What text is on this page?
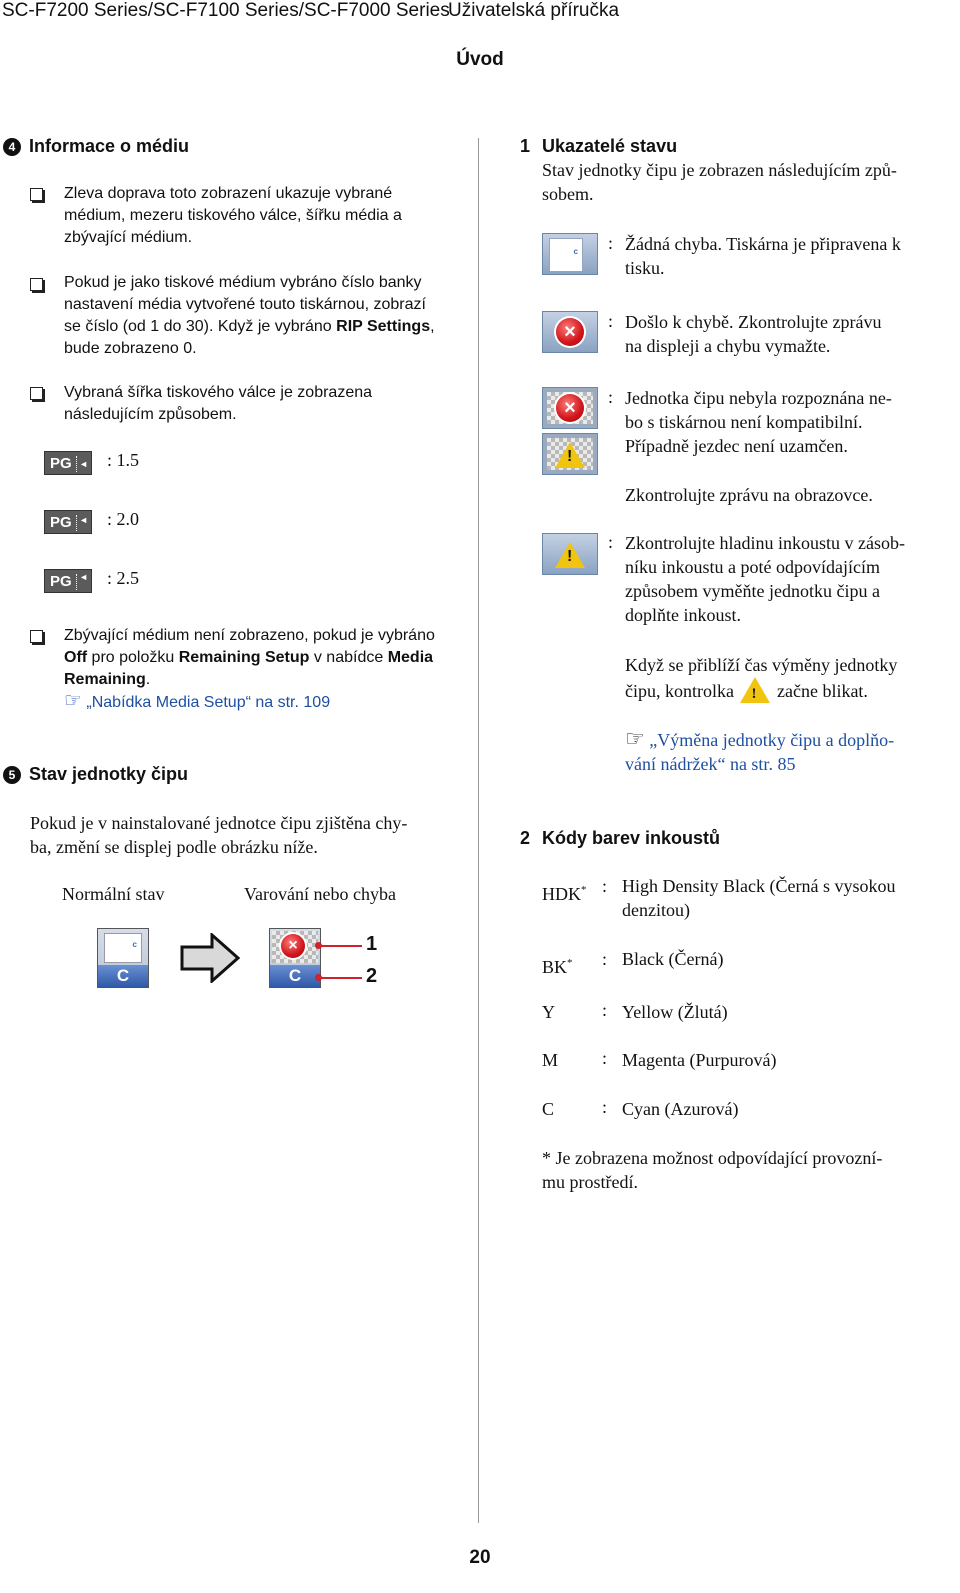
SC-F7200 Series/SC-F7100 Series/SC-F7000 Series
Uživatelská příručka
Úvod
4 Informace o médiu
Zleva doprava toto zobrazení ukazuje vybrané
médium, mezeru tiskového válce, šířku média a
zbývající médium.
Pokud je jako tiskové médium vybráno číslo banky
nastavení média vytvořené touto tiskárnou, zobrazí
se číslo (od 1 do 30). Když je vybráno RIP Settings,
bude zobrazeno 0.
Vybraná šířka tiskového válce je zobrazena
následujícím způsobem.
PG ◄ : 1.5
PG ◄ : 2.0
PG ◄ : 2.5
Zbývající médium není zobrazeno, pokud je vybráno
Off pro položku Remaining Setup v nabídce Media
Remaining.
☞ „Nabídka Media Setup“ na str. 109
5 Stav jednotky čipu
Pokud je v nainstalované jednotce čipu zjištěna chy-
ba, změní se displej podle obrázku níže.
Normální stav	Varování nebo chyba
c
C
×
C
1
2
1 Ukazatelé stavu
Stav jednotky čipu je zobrazen následujícím způ-
sobem.
c : Žádná chyba. Tiskárna je připravena k
tisku.
×	: Došlo k chybě. Zkontrolujte zprávu
na displeji a chybu vymažte.
×
!
: Jednotka čipu nebyla rozpoznána ne-
bo s tiskárnou není kompatibilní.
Případně jezdec není uzamčen.
Zkontrolujte zprávu na obrazovce.
!
: Zkontrolujte hladinu inkoustu v zásob-
níku inkoustu a poté odpovídajícím
způsobem vyměňte jednotku čipu a
doplňte inkoust.
Když se přiblíží čas výměny jednotky
čipu, kontrolka ! začne blikat.
☞ „Výměna jednotky čipu a doplňo-
vání nádržek“ na str. 85
2 Kódy barev inkoustů
HDK* : High Density Black (Černá s vysokou
denzitou)
BK* : Black (Černá)
Y	: Yellow (Žlutá)
M : Magenta (Purpurová)
C	: Cyan (Azurová)
* Je zobrazena možnost odpovídající provozní-
mu prostředí.
20
